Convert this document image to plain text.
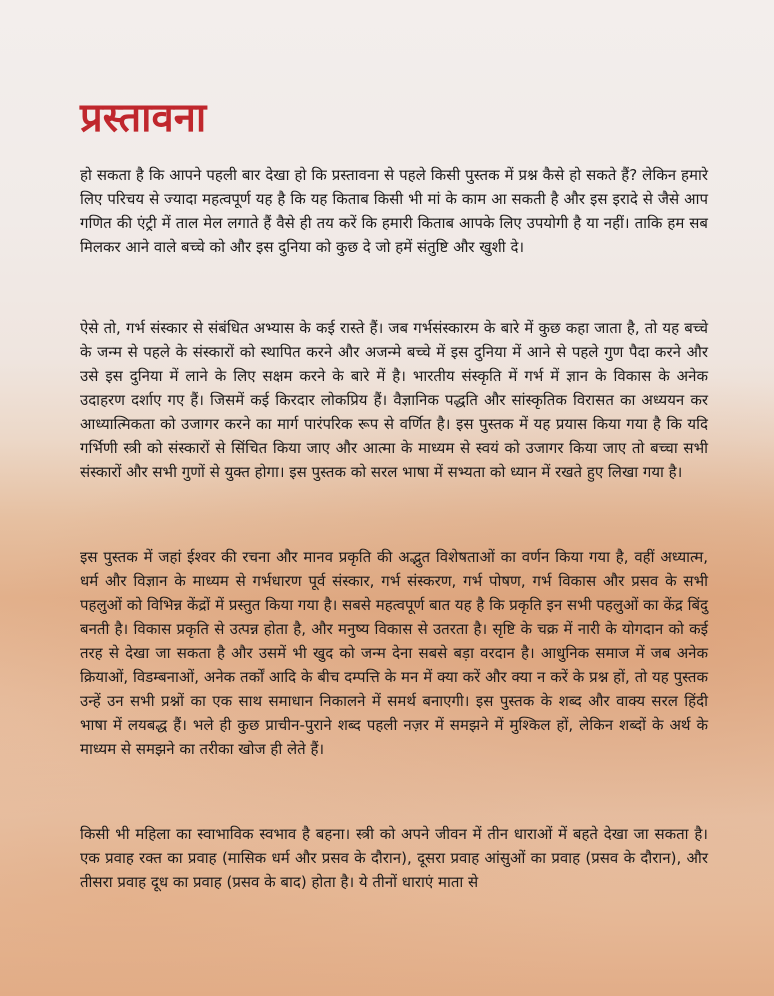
प्रस्तावना

हो सकता है कि आपने पहली बार देखा हो कि प्रस्तावना से पहले किसी पुस्तक में प्रश्न कैसे हो सकते हैं? लेकिन हमारे लिए परिचय से ज्यादा महत्वपूर्ण यह है कि यह किताब किसी भी मां के काम आ सकती है और इस इरादे से जैसे आप गणित की एंट्री में ताल मेल लगाते हैं वैसे ही तय करें कि हमारी किताब आपके लिए उपयोगी है या नहीं। ताकि हम सब मिलकर आने वाले बच्चे को और इस दुनिया को कुछ दे जो हमें संतुष्टि और खुशी दे।

ऐसे तो, गर्भ संस्कार से संबंधित अभ्यास के कई रास्ते हैं। जब गर्भसंस्कारम के बारे में कुछ कहा जाता है, तो यह बच्चे के जन्म से पहले के संस्कारों को स्थापित करने और अजन्मे बच्चे में इस दुनिया में आने से पहले गुण पैदा करने और उसे इस दुनिया में लाने के लिए सक्षम करने के बारे में है। भारतीय संस्कृति में गर्भ में ज्ञान के विकास के अनेक उदाहरण दर्शाए गए हैं। जिसमें कई किरदार लोकप्रिय हैं। वैज्ञानिक पद्धति और सांस्कृतिक विरासत का अध्ययन कर आध्यात्मिकता को उजागर करने का मार्ग पारंपरिक रूप से वर्णित है। इस पुस्तक में यह प्रयास किया गया है कि यदि गर्भिणी स्त्री को संस्कारों से सिंचित किया जाए और आत्मा के माध्यम से स्वयं को उजागर किया जाए तो बच्चा सभी संस्कारों और सभी गुणों से युक्त होगा। इस पुस्तक को सरल भाषा में सभ्यता को ध्यान में रखते हुए लिखा गया है।

इस पुस्तक में जहां ईश्वर की रचना और मानव प्रकृति की अद्भुत विशेषताओं का वर्णन किया गया है, वहीं अध्यात्म, धर्म और विज्ञान के माध्यम से गर्भधारण पूर्व संस्कार, गर्भ संस्करण, गर्भ पोषण, गर्भ विकास और प्रसव के सभी पहलुओं को विभिन्न केंद्रों में प्रस्तुत किया गया है। सबसे महत्वपूर्ण बात यह है कि प्रकृति इन सभी पहलुओं का केंद्र बिंदु बनती है। विकास प्रकृति से उत्पन्न होता है, और मनुष्य विकास से उतरता है। सृष्टि के चक्र में नारी के योगदान को कई तरह से देखा जा सकता है और उसमें भी खुद को जन्म देना सबसे बड़ा वरदान है। आधुनिक समाज में जब अनेक क्रियाओं, विडम्बनाओं, अनेक तर्कों आदि के बीच दम्पत्ति के मन में क्या करें और क्या न करें के प्रश्न हों, तो यह पुस्तक उन्हें उन सभी प्रश्नों का एक साथ समाधान निकालने में समर्थ बनाएगी। इस पुस्तक के शब्द और वाक्य सरल हिंदी भाषा में लयबद्ध हैं। भले ही कुछ प्राचीन-पुराने शब्द पहली नज़र में समझने में मुश्किल हों, लेकिन शब्दों के अर्थ के माध्यम से समझने का तरीका खोज ही लेते हैं।

किसी भी महिला का स्वाभाविक स्वभाव है बहना। स्त्री को अपने जीवन में तीन धाराओं में बहते देखा जा सकता है। एक प्रवाह रक्त का प्रवाह (मासिक धर्म और प्रसव के दौरान), दूसरा प्रवाह आंसुओं का प्रवाह (प्रसव के दौरान), और तीसरा प्रवाह दूध का प्रवाह (प्रसव के बाद) होता है। ये तीनों धाराएं माता से
